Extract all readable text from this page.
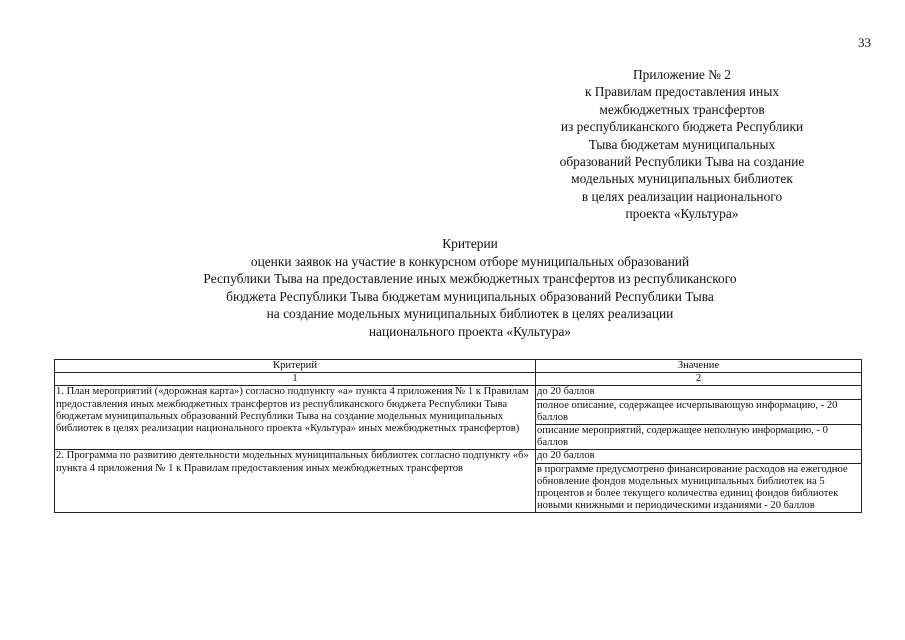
33
Приложение № 2
к Правилам предоставления иных
межбюджетных трансфертов
из республиканского бюджета Республики
Тыва бюджетам муниципальных
образований Республики Тыва на создание
модельных муниципальных библиотек
в целях реализации национального
проекта «Культура»
Критерии
оценки заявок на участие в конкурсном отборе муниципальных образований
Республики Тыва на предоставление иных межбюджетных трансфертов из республиканского
бюджета Республики Тыва бюджетам муниципальных образований Республики Тыва
на создание модельных муниципальных библиотек в целях реализации
национального проекта «Культура»
Критерий	Значение
1	2
1. План мероприятий («дорожная карта») согласно подпункту «а» пункта 4 приложения № 1 к Правилам предоставления иных межбюджетных трансфертов из республиканского бюджета Республики Тыва бюджетам муниципальных образований Республики Тыва на создание модельных муниципальных библиотек в целях реализации национального проекта «Культура» иных межбюджетных трансфертов)	до 20 баллов
	полное описание, содержащее исчерпывающую информацию, - 20 баллов
	описание мероприятий, содержащее неполную информацию, - 0 баллов
2. Программа по развитию деятельности модельных муниципальных библиотек согласно подпункту «б» пункта 4 приложения № 1 к Правилам предоставления иных межбюджетных трансфертов	до 20 баллов
	в программе предусмотрено финансирование расходов на ежегодное обновление фондов модельных муниципальных библиотек на 5 процентов и более текущего количества единиц фондов библиотек новыми книжными и периодическими изданиями - 20 баллов
